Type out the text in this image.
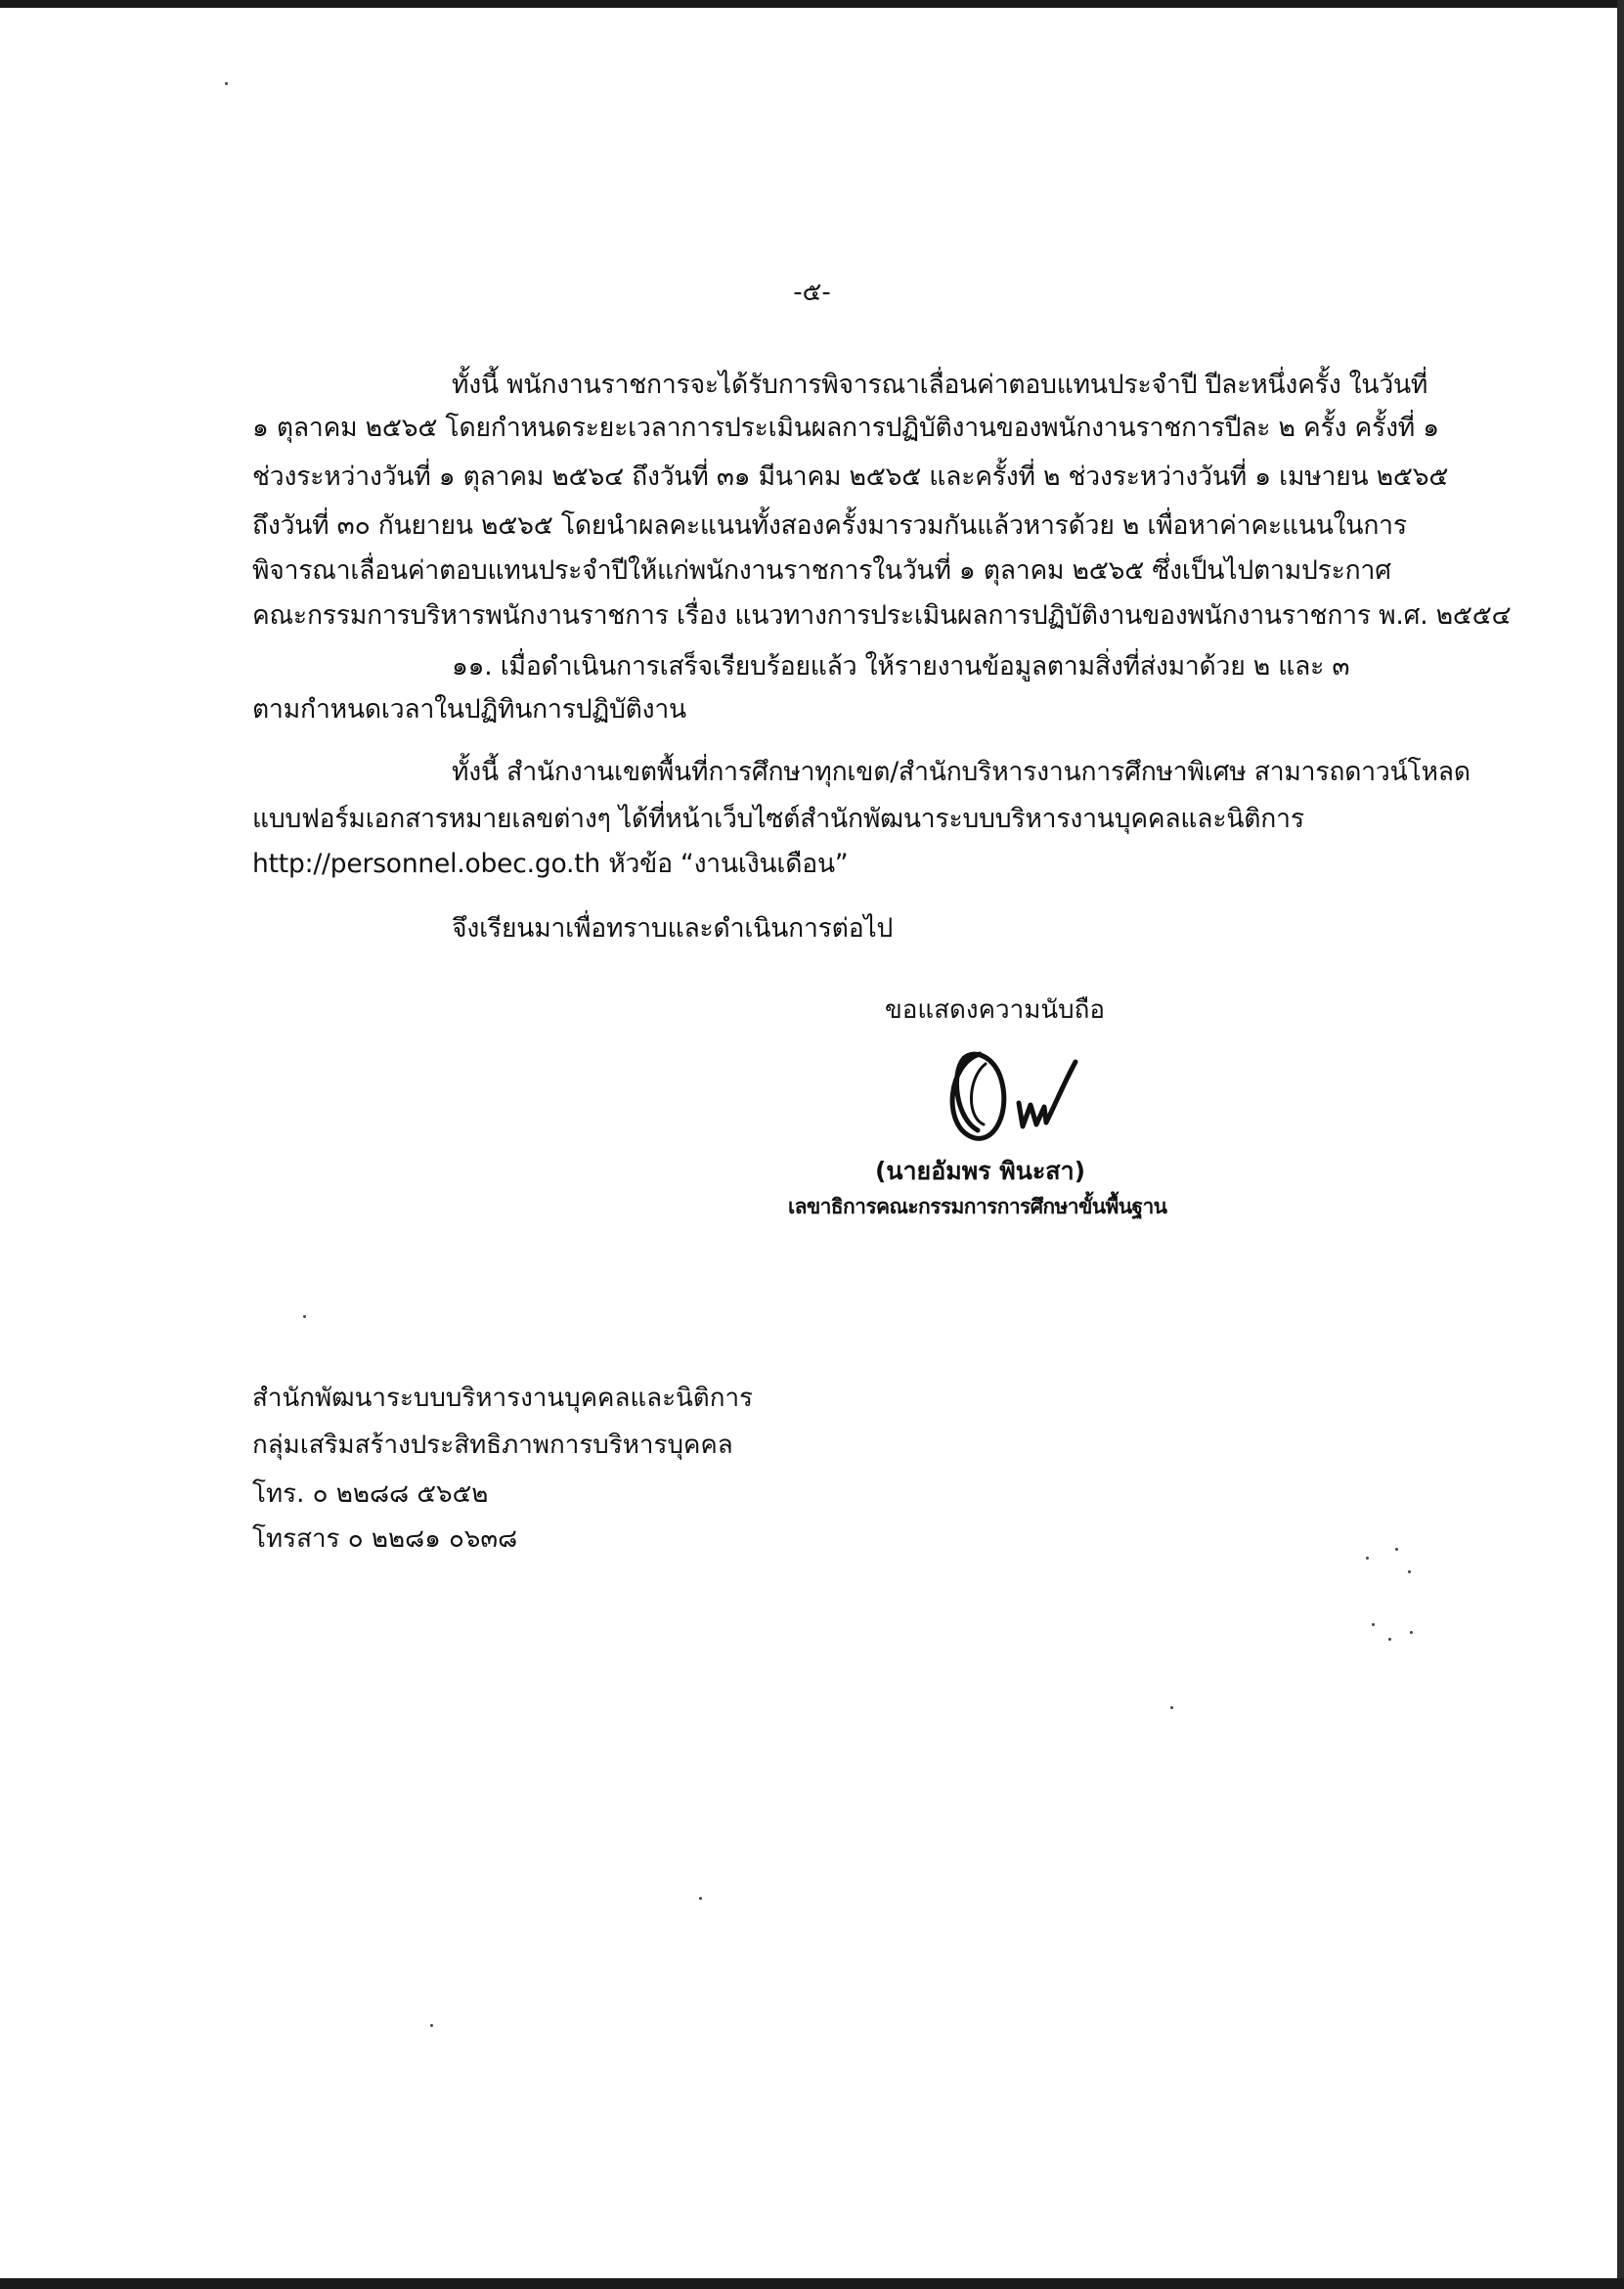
-๕-
ทั้งนี้ พนักงานราชการจะได้รับการพิจารณาเลื่อนค่าตอบแทนประจำปี ปีละหนึ่งครั้ง ในวันที่
๑ ตุลาคม ๒๕๖๕ โดยกำหนดระยะเวลาการประเมินผลการปฏิบัติงานของพนักงานราชการปีละ ๒ ครั้ง ครั้งที่ ๑
ช่วงระหว่างวันที่ ๑ ตุลาคม ๒๕๖๔ ถึงวันที่ ๓๑ มีนาคม ๒๕๖๕ และครั้งที่ ๒ ช่วงระหว่างวันที่ ๑ เมษายน ๒๕๖๕
ถึงวันที่ ๓๐ กันยายน ๒๕๖๕ โดยนำผลคะแนนทั้งสองครั้งมารวมกันแล้วหารด้วย ๒ เพื่อหาค่าคะแนนในการ
พิจารณาเลื่อนค่าตอบแทนประจำปีให้แก่พนักงานราชการในวันที่ ๑ ตุลาคม ๒๕๖๕ ซึ่งเป็นไปตามประกาศ
คณะกรรมการบริหารพนักงานราชการ เรื่อง แนวทางการประเมินผลการปฏิบัติงานของพนักงานราชการ พ.ศ. ๒๕๕๔
๑๑. เมื่อดำเนินการเสร็จเรียบร้อยแล้ว ให้รายงานข้อมูลตามสิ่งที่ส่งมาด้วย ๒ และ ๓
ตามกำหนดเวลาในปฏิทินการปฏิบัติงาน
ทั้งนี้ สำนักงานเขตพื้นที่การศึกษาทุกเขต/สำนักบริหารงานการศึกษาพิเศษ สามารถดาวน์โหลด
แบบฟอร์มเอกสารหมายเลขต่างๆ ได้ที่หน้าเว็บไซต์สำนักพัฒนาระบบบริหารงานบุคคลและนิติการ
http://personnel.obec.go.th หัวข้อ “งานเงินเดือน”
จึงเรียนมาเพื่อทราบและดำเนินการต่อไป
ขอแสดงความนับถือ
(นายอัมพร พินะสา)
เลขาธิการคณะกรรมการการศึกษาขั้นพื้นฐาน
สำนักพัฒนาระบบบริหารงานบุคคลและนิติการ
กลุ่มเสริมสร้างประสิทธิภาพการบริหารบุคคล
โทร. ๐ ๒๒๘๘ ๕๖๕๒
โทรสาร ๐ ๒๒๘๑ ๐๖๓๘
